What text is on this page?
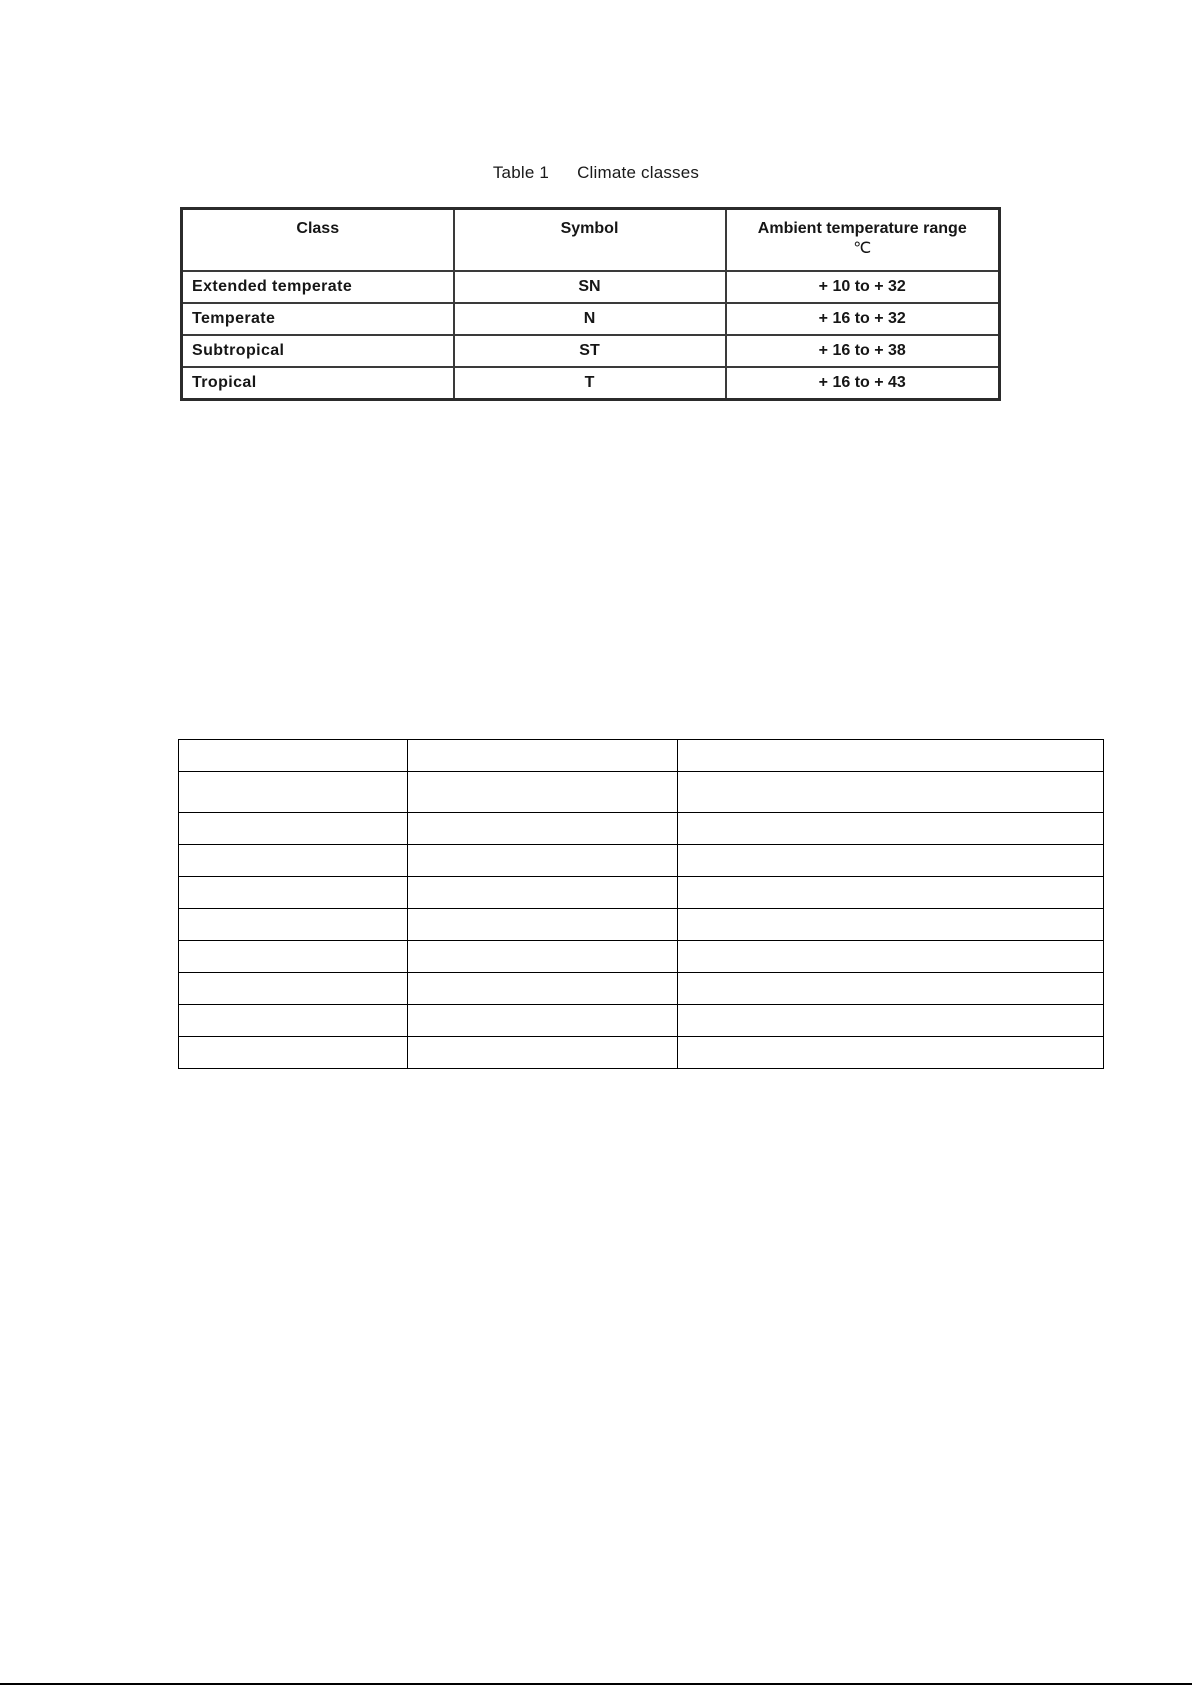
Table 1 Climate classes
Class	Symbol	Ambient temperature range
℃

Extended temperate	SN	+ 10 to + 32
Temperate	N	+ 16 to + 32
Subtropical	ST	+ 16 to + 38
Tropical	T	+ 16 to + 43
